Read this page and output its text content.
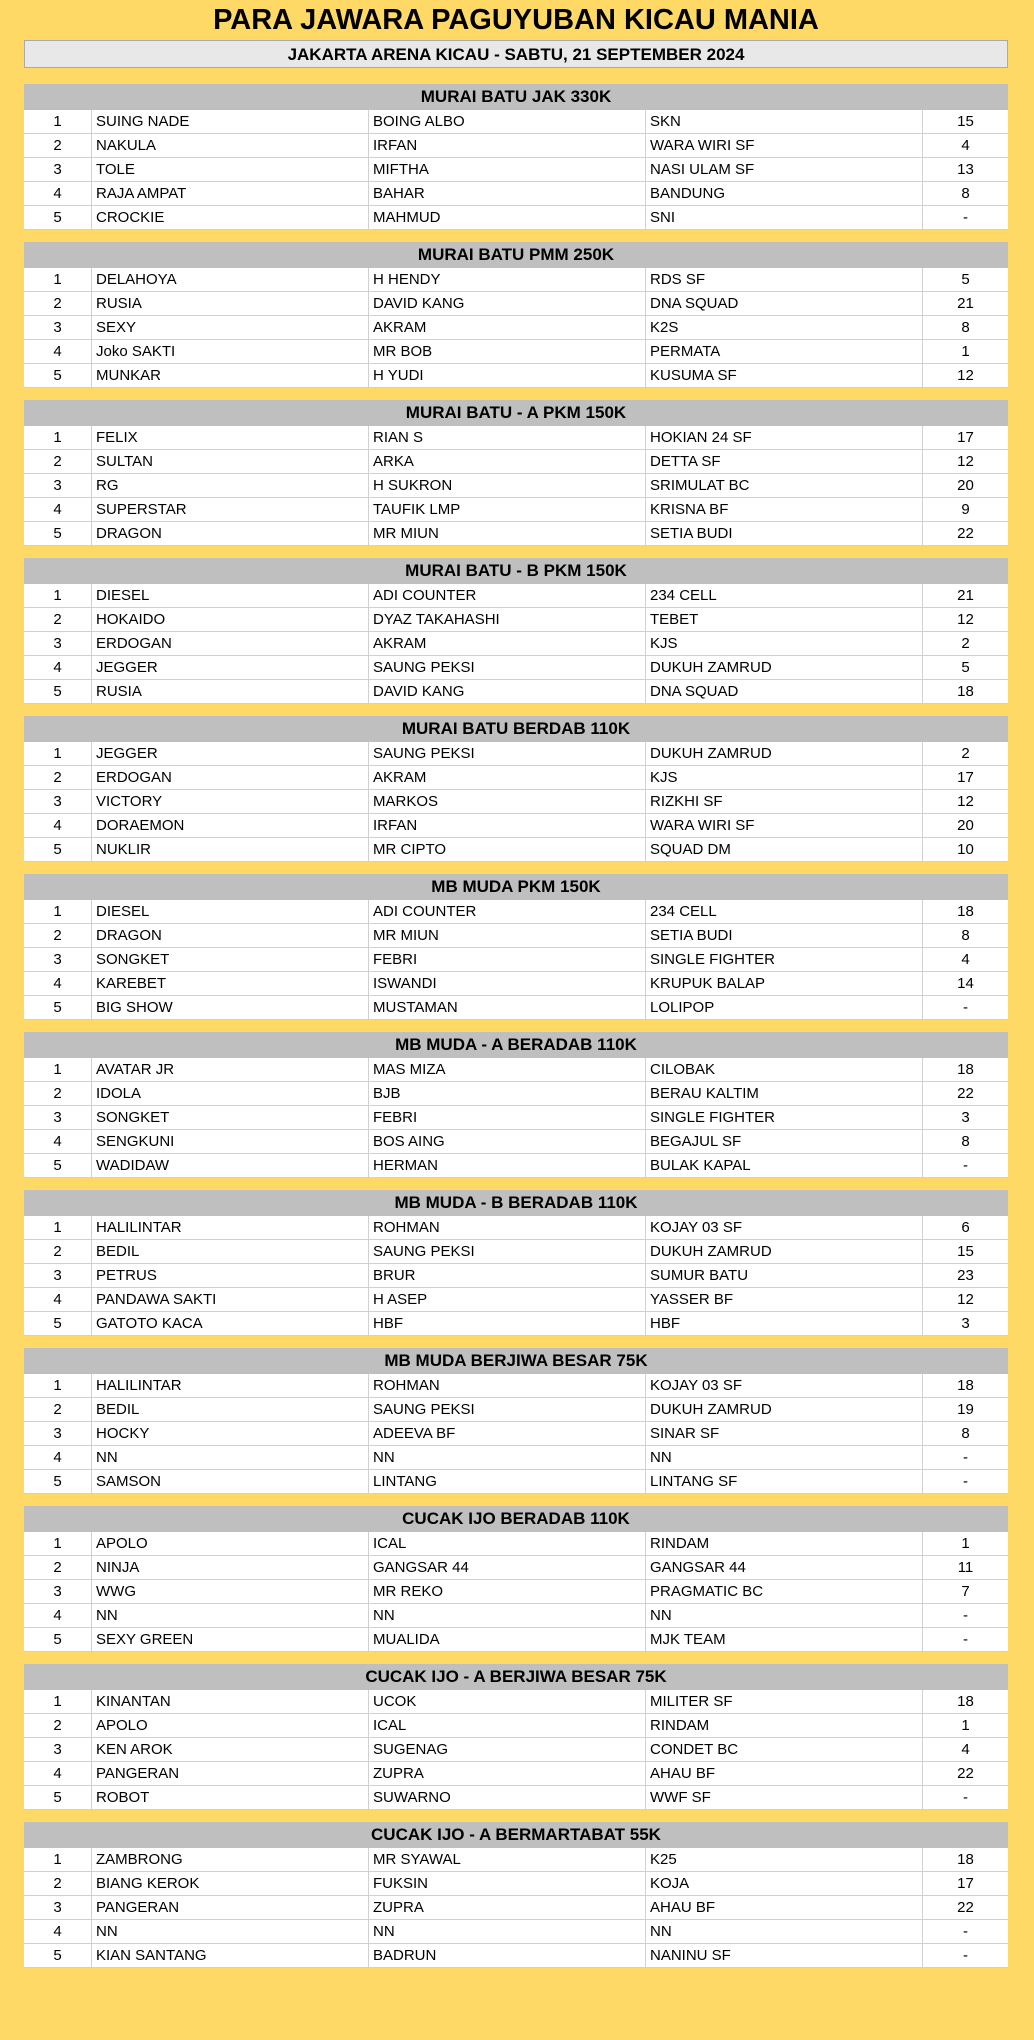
PARA JAWARA PAGUYUBAN KICAU MANIA
JAKARTA ARENA KICAU - SABTU, 21 SEPTEMBER 2024
MURAI BATU JAK 330K
1	SUING NADE	BOING ALBO	SKN	15
2	NAKULA	IRFAN	WARA WIRI SF	4
3	TOLE	MIFTHA	NASI ULAM SF	13
4	RAJA AMPAT	BAHAR	BANDUNG	8
5	CROCKIE	MAHMUD	SNI	-
MURAI BATU PMM 250K
1	DELAHOYA	H HENDY	RDS SF	5
2	RUSIA	DAVID KANG	DNA SQUAD	21
3	SEXY	AKRAM	K2S	8
4	Joko SAKTI	MR BOB	PERMATA	1
5	MUNKAR	H YUDI	KUSUMA SF	12
MURAI BATU - A PKM 150K
1	FELIX	RIAN S	HOKIAN 24 SF	17
2	SULTAN	ARKA	DETTA SF	12
3	RG	H SUKRON	SRIMULAT BC	20
4	SUPERSTAR	TAUFIK LMP	KRISNA BF	9
5	DRAGON	MR MIUN	SETIA BUDI	22
MURAI BATU - B PKM 150K
1	DIESEL	ADI COUNTER	234 CELL	21
2	HOKAIDO	DYAZ TAKAHASHI	TEBET	12
3	ERDOGAN	AKRAM	KJS	2
4	JEGGER	SAUNG PEKSI	DUKUH ZAMRUD	5
5	RUSIA	DAVID KANG	DNA SQUAD	18
MURAI BATU BERDAB 110K
1	JEGGER	SAUNG PEKSI	DUKUH ZAMRUD	2
2	ERDOGAN	AKRAM	KJS	17
3	VICTORY	MARKOS	RIZKHI SF	12
4	DORAEMON	IRFAN	WARA WIRI SF	20
5	NUKLIR	MR CIPTO	SQUAD DM	10
MB MUDA PKM 150K
1	DIESEL	ADI COUNTER	234 CELL	18
2	DRAGON	MR MIUN	SETIA BUDI	8
3	SONGKET	FEBRI	SINGLE FIGHTER	4
4	KAREBET	ISWANDI	KRUPUK BALAP	14
5	BIG SHOW	MUSTAMAN	LOLIPOP	-
MB MUDA - A BERADAB 110K
1	AVATAR JR	MAS MIZA	CILOBAK	18
2	IDOLA	BJB	BERAU KALTIM	22
3	SONGKET	FEBRI	SINGLE FIGHTER	3
4	SENGKUNI	BOS AING	BEGAJUL SF	8
5	WADIDAW	HERMAN	BULAK KAPAL	-
MB MUDA - B BERADAB 110K
1	HALILINTAR	ROHMAN	KOJAY 03 SF	6
2	BEDIL	SAUNG PEKSI	DUKUH ZAMRUD	15
3	PETRUS	BRUR	SUMUR BATU	23
4	PANDAWA SAKTI	H ASEP	YASSER BF	12
5	GATOTO KACA	HBF	HBF	3
MB MUDA BERJIWA BESAR 75K
1	HALILINTAR	ROHMAN	KOJAY 03 SF	18
2	BEDIL	SAUNG PEKSI	DUKUH ZAMRUD	19
3	HOCKY	ADEEVA BF	SINAR SF	8
4	NN	NN	NN	-
5	SAMSON	LINTANG	LINTANG SF	-
CUCAK IJO BERADAB 110K
1	APOLO	ICAL	RINDAM	1
2	NINJA	GANGSAR 44	GANGSAR 44	11
3	WWG	MR REKO	PRAGMATIC BC	7
4	NN	NN	NN	-
5	SEXY GREEN	MUALIDA	MJK TEAM	-
CUCAK IJO - A BERJIWA BESAR 75K
1	KINANTAN	UCOK	MILITER SF	18
2	APOLO	ICAL	RINDAM	1
3	KEN AROK	SUGENAG	CONDET BC	4
4	PANGERAN	ZUPRA	AHAU BF	22
5	ROBOT	SUWARNO	WWF SF	-
CUCAK IJO - A BERMARTABAT 55K
1	ZAMBRONG	MR SYAWAL	K25	18
2	BIANG KEROK	FUKSIN	KOJA	17
3	PANGERAN	ZUPRA	AHAU BF	22
4	NN	NN	NN	-
5	KIAN SANTANG	BADRUN	NANINU SF	-
